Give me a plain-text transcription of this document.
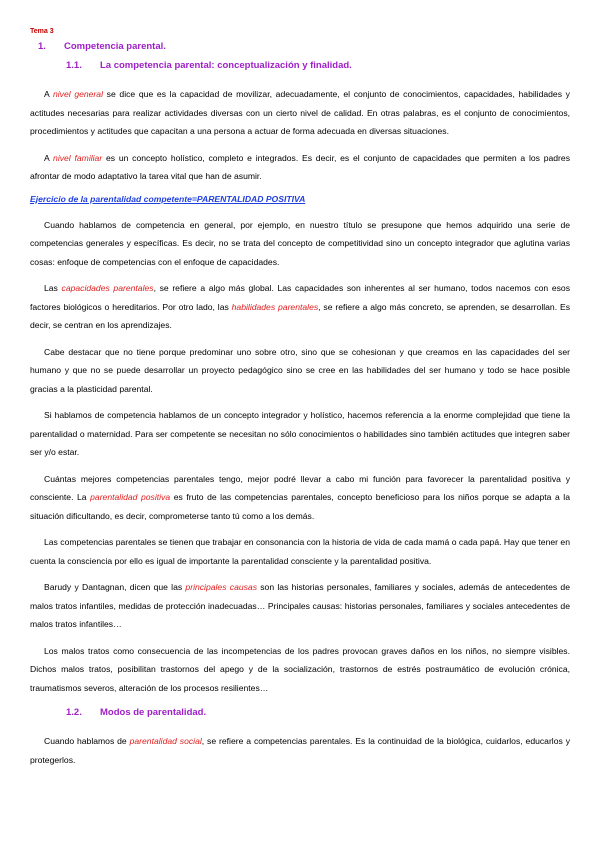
Tema 3
1. Competencia parental.
1.1. La competencia parental: conceptualización y finalidad.

A nivel general se dice que es la capacidad de movilizar, adecuadamente, el conjunto de conocimientos, capacidades, habilidades y actitudes necesarias para realizar actividades diversas con un cierto nivel de calidad. En otras palabras, es el conjunto de conocimientos, procedimientos y actitudes que capacitan a una persona a actuar de forma adecuada en diversas situaciones.

A nivel familiar es un concepto holístico, completo e integrados. Es decir, es el conjunto de capacidades que permiten a los padres afrontar de modo adaptativo la tarea vital que han de asumir.

Ejercicio de la parentalidad competente=PARENTALIDAD POSITIVA

Cuando hablamos de competencia en general, por ejemplo, en nuestro título se presupone que hemos adquirido una serie de competencias generales y específicas. Es decir, no se trata del concepto de competitividad sino un concepto integrador que aglutina varias cosas: enfoque de competencias con el enfoque de capacidades.

Las capacidades parentales, se refiere a algo más global. Las capacidades son inherentes al ser humano, todos nacemos con esos factores biológicos o hereditarios. Por otro lado, las habilidades parentales, se refiere a algo más concreto, se aprenden, se desarrollan. Es decir, se centran en los aprendizajes.

Cabe destacar que no tiene porque predominar uno sobre otro, sino que se cohesionan y que creamos en las capacidades del ser humano y que no se puede desarrollar un proyecto pedagógico sino se cree en las habilidades del ser humano y todo se hace posible gracias a la plasticidad parental.

Si hablamos de competencia hablamos de un concepto integrador y holístico, hacemos referencia a la enorme complejidad que tiene la parentalidad o maternidad. Para ser competente se necesitan no sólo conocimientos o habilidades sino también actitudes que integren saber ser y/o estar.

Cuántas mejores competencias parentales tengo, mejor podré llevar a cabo mi función para favorecer la parentalidad positiva y consciente. La parentalidad positiva es fruto de las competencias parentales, concepto beneficioso para los niños porque se adapta a la situación dificultando, es decir, comprometerse tanto tú como a los demás.

Las competencias parentales se tienen que trabajar en consonancia con la historia de vida de cada mamá o cada papá. Hay que tener en cuenta la consciencia por ello es igual de importante la parentalidad consciente y la parentalidad positiva.

Barudy y Dantagnan, dicen que las principales causas son las historias personales, familiares y sociales, además de antecedentes de malos tratos infantiles, medidas de protección inadecuadas… Principales causas: historias personales, familiares y sociales antecedentes de malos tratos infantiles…

Los malos tratos como consecuencia de las incompetencias de los padres provocan graves daños en los niños, no siempre visibles. Dichos malos tratos, posibilitan trastornos del apego y de la socialización, trastornos de estrés postraumático de evolución crónica, traumatismos severos, alteración de los procesos resilientes…

1.2. Modos de parentalidad.

Cuando hablamos de parentalidad social, se refiere a competencias parentales. Es la continuidad de la biológica, cuidarlos, educarlos y protegerlos.
